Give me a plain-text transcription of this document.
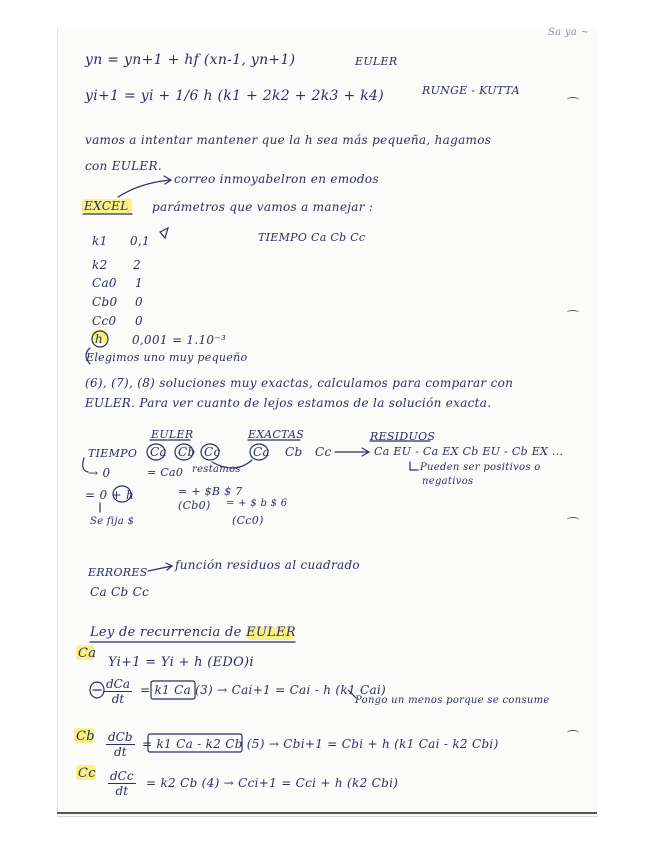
Sa ya ~
yn = yn+1 + hf (xn-1, yn+1)	EULER
yi+1 = yi + 1/6 h (k1 + 2k2 + 2k3 + k4)	RUNGE - KUTTA
vamos a intentar mantener que la h sea más pequeña, hagamos
con EULER.
correo inmoyabelron en emodos
EXCEL parámetros que vamos a manejar :
k1 0,1
k2 2
Ca0 1
Cb0 0
Cc0 0
TIEMPO Ca Cb Cc
h 0,001 = 1.10⁻³
Elegimos uno muy pequeño
(6), (7), (8) soluciones muy exactas, calculamos para comparar con
EULER. Para ver cuanto de lejos estamos de la solución exacta.
EULER	EXACTAS	RESIDUOS
TIEMPO Ca Cb Cc	Ca Cb Cc	Ca EU - Ca EX Cb EU - Cb EX ...
Pueden ser positivos o
negativos
→ 0	= Ca0 restamos
= 0 + h	= + $B $ 7
(Cb0) = + $ b $ 6
(Cc0)
Se fija $
ERRORES
función residuos al cuadrado
Ca Cb Cc
Ley de recurrencia de EULER
Ca
Yi+1 = Yi + h (EDO)i
dCa
dt
= k1 Ca (3) → Cai+1 = Cai - h (k1 Cai)
Pongo un menos porque se consume
Cb dCb
dt
= k1 Ca - k2 Cb (5) → Cbi+1 = Cbi + h (k1 Cai - k2 Cbi)
Cc dCc
dt
= k2 Cb (4) → Cci+1 = Cci + h (k2 Cbi)
